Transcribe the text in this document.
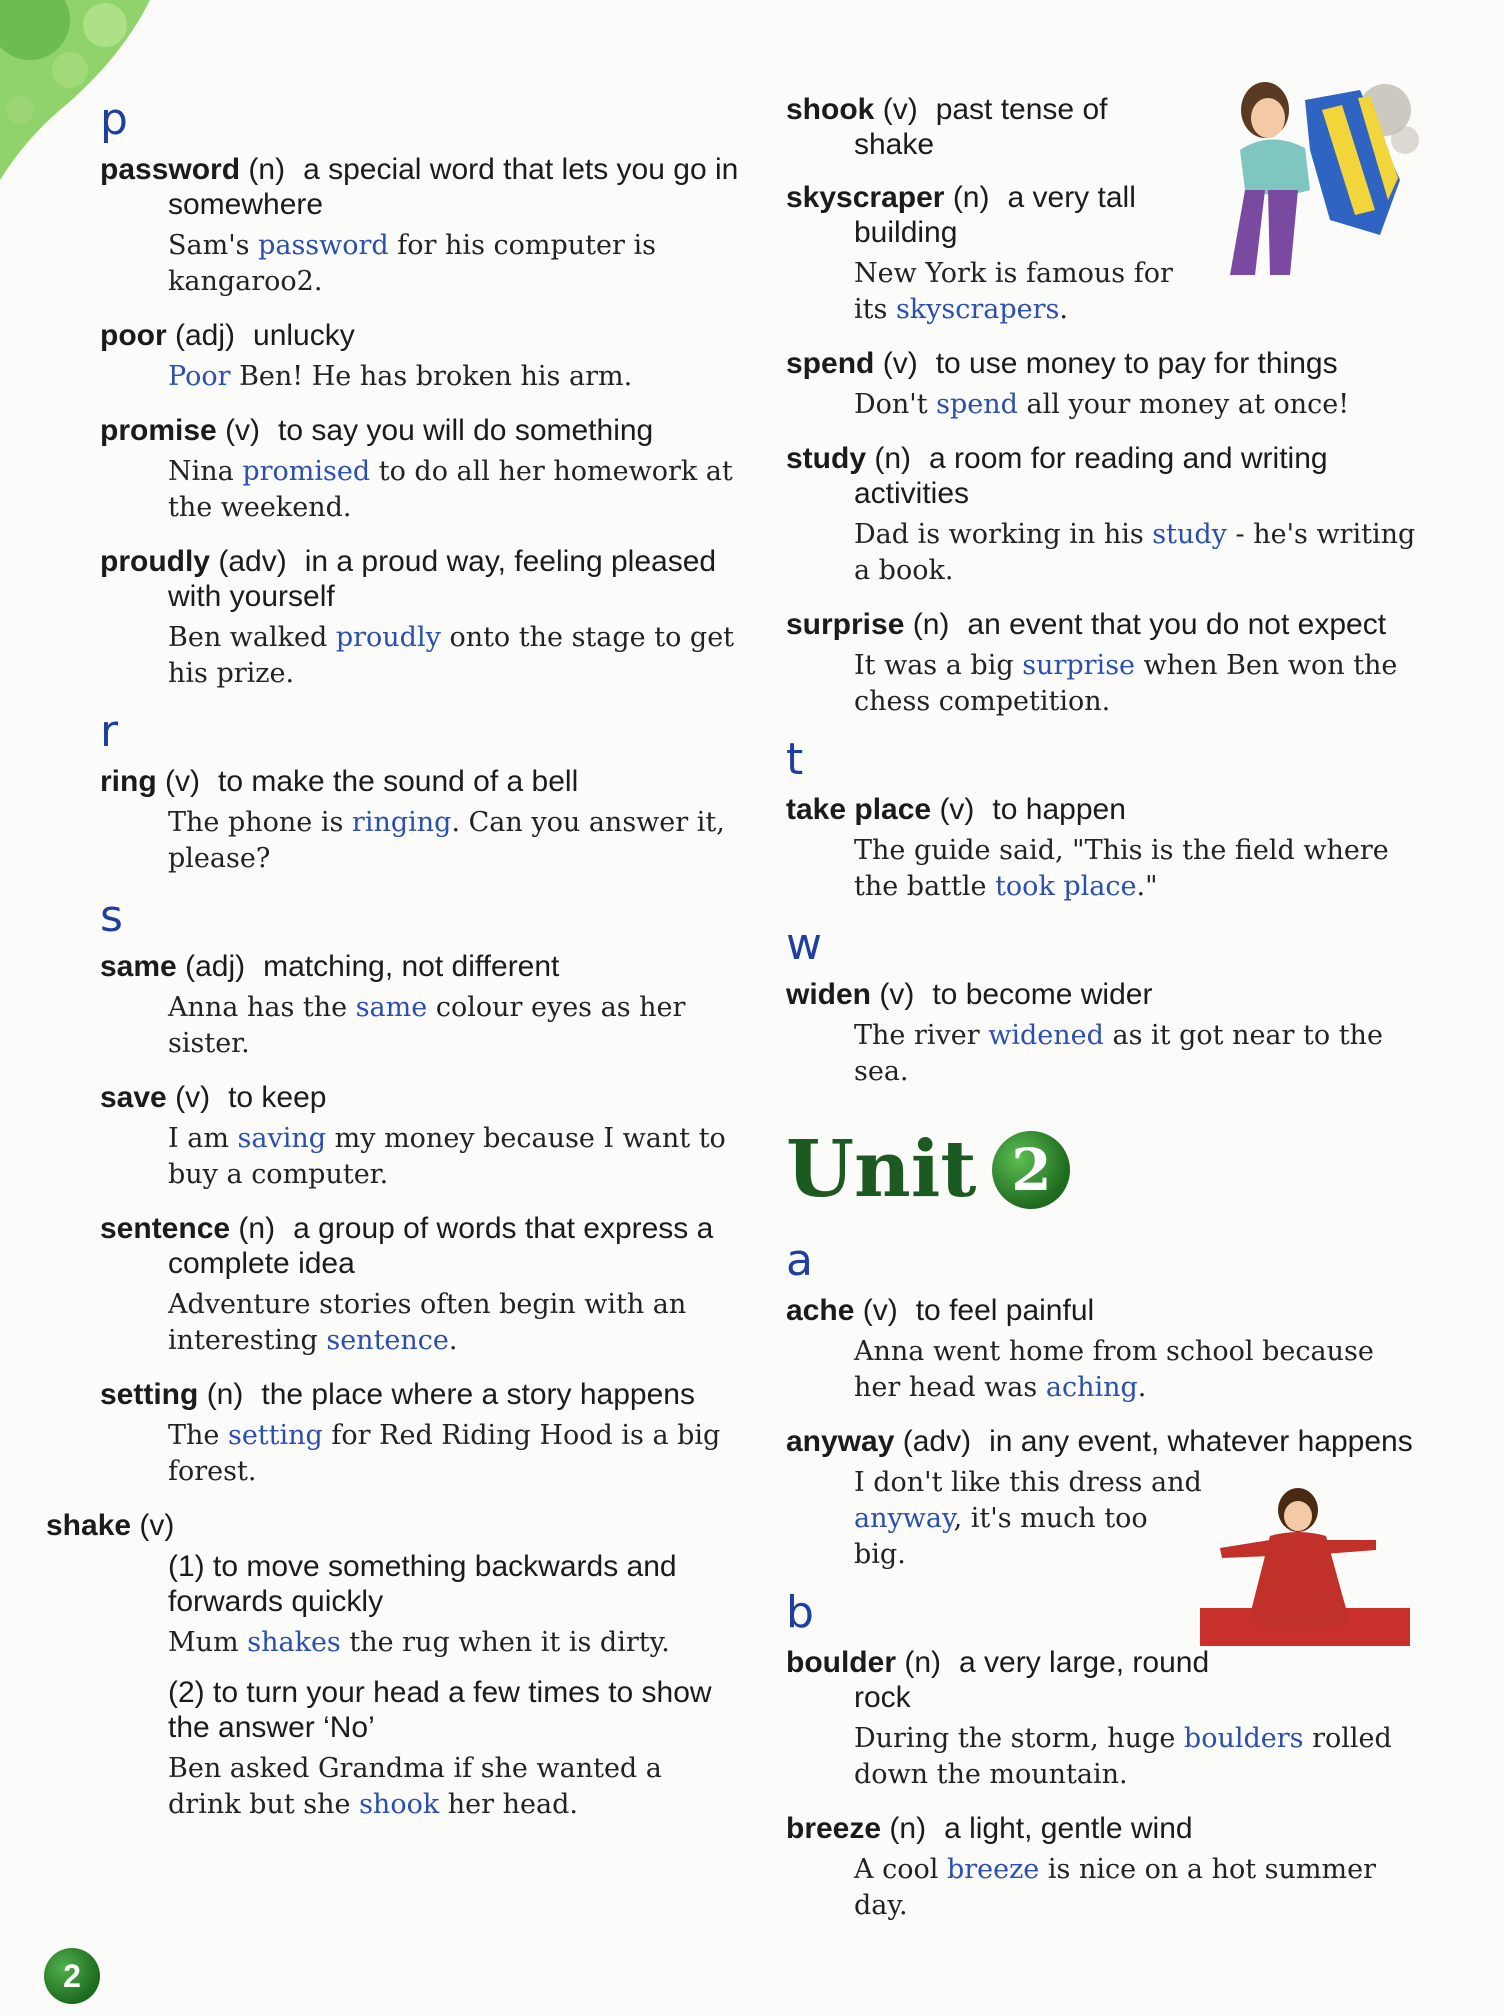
p
password (n) a special word that lets you go in somewhere
Sam's password for his computer is kangaroo2.
poor (adj) unlucky
Poor Ben! He has broken his arm.
promise (v) to say you will do something
Nina promised to do all her homework at the weekend.
proudly (adv) in a proud way, feeling pleased with yourself
Ben walked proudly onto the stage to get his prize.
r
ring (v) to make the sound of a bell
The phone is ringing. Can you answer it, please?
s
same (adj) matching, not different
Anna has the same colour eyes as her sister.
save (v) to keep
I am saving my money because I want to buy a computer.
sentence (n) a group of words that express a complete idea
Adventure stories often begin with an interesting sentence.
setting (n) the place where a story happens
The setting for Red Riding Hood is a big forest.
shake (v)
(1) to move something backwards and forwards quickly
Mum shakes the rug when it is dirty.
(2) to turn your head a few times to show the answer ‘No’
Ben asked Grandma if she wanted a drink but she shook her head.
shook (v) past tense of shake
skyscraper (n) a very tall building
New York is famous for its skyscrapers.
spend (v) to use money to pay for things
Don't spend all your money at once!
study (n) a room for reading and writing activities
Dad is working in his study - he's writing a book.
surprise (n) an event that you do not expect
It was a big surprise when Ben won the chess competition.
t
take place (v) to happen
The guide said, "This is the field where the battle took place."
w
widen (v) to become wider
The river widened as it got near to the sea.
Unit 2
a
ache (v) to feel painful
Anna went home from school because her head was aching.
anyway (adv) in any event, whatever happens
I don't like this dress and anyway, it's much too big.
b
boulder (n) a very large, round rock
During the storm, huge boulders rolled down the mountain.
breeze (n) a light, gentle wind
A cool breeze is nice on a hot summer day.
2
